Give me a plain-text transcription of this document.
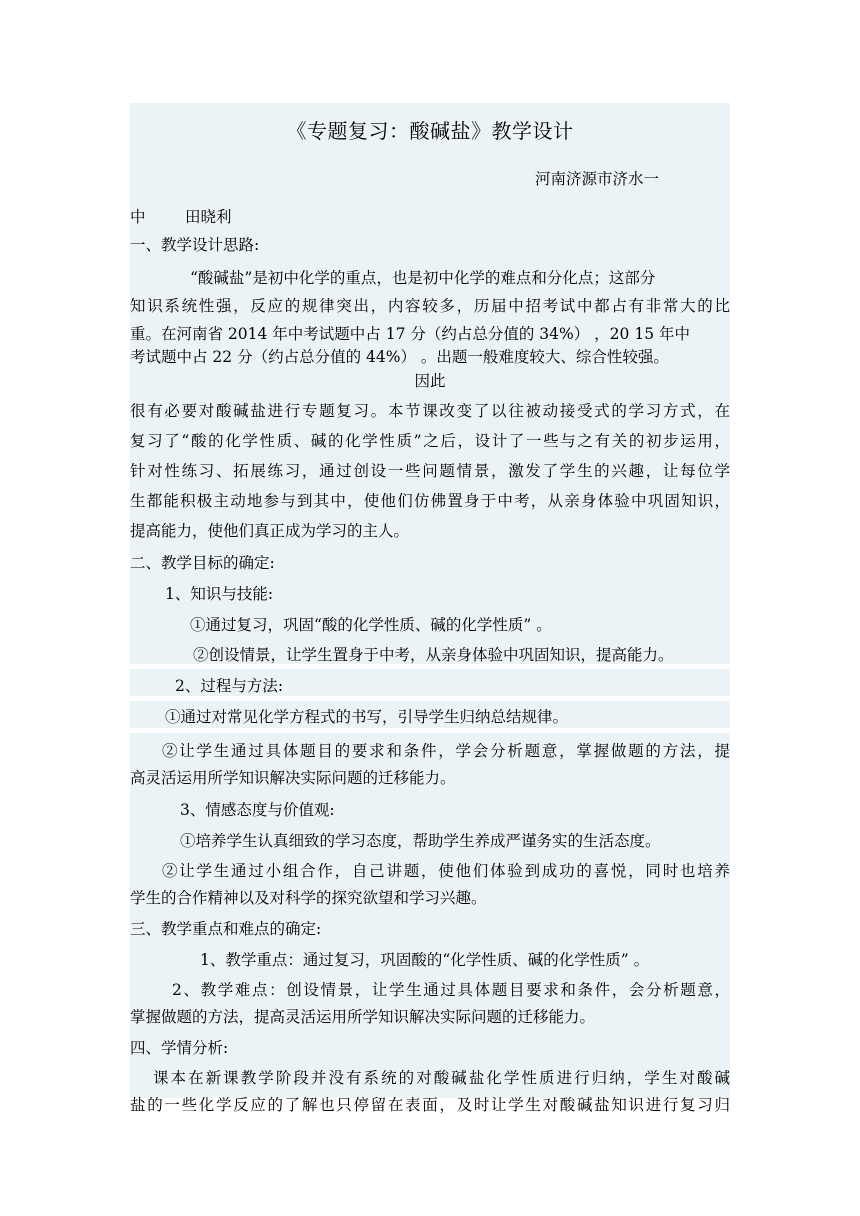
《专题复习：酸碱盐》教学设计
河南济源市济水一
中	田晓利
一、教学设计思路:
“酸碱盐”是初中化学的重点，也是初中化学的难点和分化点；这部分
知识系统性强，反应的规律突出，内容较多，历届中招考试中都占有非常大的比
重。在河南省 2014 年中考试题中占 17 分（约占总分值的 34%） ，20 15 年中
考试题中占 22 分（约占总分值的 44%） 。出题一般难度较大、综合性较强。
因此
很有必要对酸碱盐进行专题复习。本节课改变了以往被动接受式的学习方式，在
复习了“酸的化学性质、碱的化学性质”之后，设计了一些与之有关的初步运用，
针对性练习、拓展练习，通过创设一些问题情景，激发了学生的兴趣，让每位学
生都能积极主动地参与到其中，使他们仿佛置身于中考，从亲身体验中巩固知识，
提高能力，使他们真正成为学习的主人。
二、教学目标的确定:
1、知识与技能:
①通过复习，巩固“酸的化学性质、碱的化学性质” 。
②创设情景，让学生置身于中考，从亲身体验中巩固知识，提高能力。
2、过程与方法:
①通过对常见化学方程式的书写，引导学生归纳总结规律。
②让学生通过具体题目的要求和条件，学会分析题意，掌握做题的方法，提
高灵活运用所学知识解决实际问题的迁移能力。
3、情感态度与价值观:
①培养学生认真细致的学习态度，帮助学生养成严谨务实的生活态度。
②让学生通过小组合作，自己讲题，使他们体验到成功的喜悦，同时也培养
学生的合作精神以及对科学的探究欲望和学习兴趣。
三、教学重点和难点的确定:
1、教学重点：通过复习，巩固酸的“化学性质、碱的化学性质” 。
2、教学难点：创设情景，让学生通过具体题目要求和条件，会分析题意，
掌握做题的方法，提高灵活运用所学知识解决实际问题的迁移能力。
四、学情分析:
课本在新课教学阶段并没有系统的对酸碱盐化学性质进行归纳，学生对酸碱
盐的一些化学反应的了解也只停留在表面，及时让学生对酸碱盐知识进行复习归
